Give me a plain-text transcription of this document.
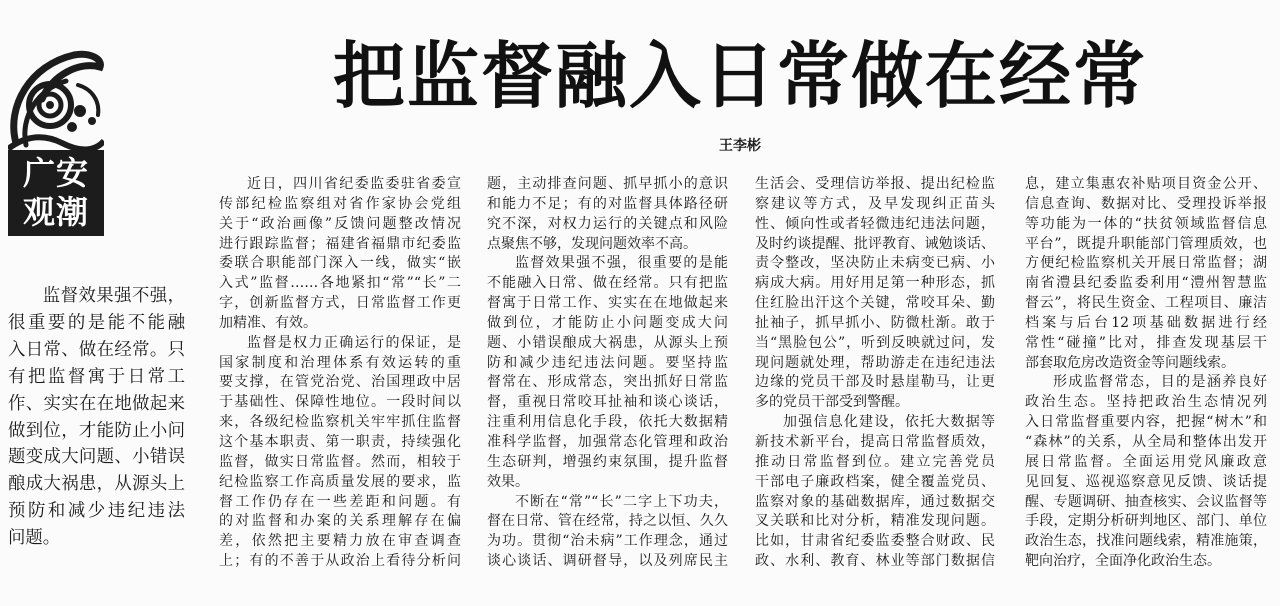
广安
观潮
把监督融入日常做在经常
王李彬
监督效果强不强，
很重要的是能不能融
入日常、做在经常。只
有把监督寓于日常工
作、实实在在地做起来
做到位，才能防止小问
题变成大问题、小错误
酿成大祸患，从源头上
预防和减少违纪违法
问题。
近日，四川省纪委监委驻省委宣
传部纪检监察组对省作家协会党组
关于“政治画像”反馈问题整改情况
进行跟踪监督；福建省福鼎市纪委监
委联合职能部门深入一线，做实“嵌
入式”监督……各地紧扣“常”“长”二
字，创新监督方式，日常监督工作更
加精准、有效。
监督是权力正确运行的保证，是
国家制度和治理体系有效运转的重
要支撑，在管党治党、治国理政中居
于基础性、保障性地位。一段时间以
来，各级纪检监察机关牢牢抓住监督
这个基本职责、第一职责，持续强化
监督，做实日常监督。然而，相较于
纪检监察工作高质量发展的要求，监
督工作仍存在一些差距和问题。有
的对监督和办案的关系理解存在偏
差，依然把主要精力放在审查调查
上；有的不善于从政治上看待分析问
题，主动排查问题、抓早抓小的意识
和能力不足；有的对监督具体路径研
究不深，对权力运行的关键点和风险
点聚焦不够，发现问题效率不高。
监督效果强不强，很重要的是能
不能融入日常、做在经常。只有把监
督寓于日常工作、实实在在地做起来
做到位，才能防止小问题变成大问
题、小错误酿成大祸患，从源头上预
防和减少违纪违法问题。要坚持监
督常在、形成常态，突出抓好日常监
督，重视日常咬耳扯袖和谈心谈话，
注重利用信息化手段，依托大数据精
准科学监督，加强常态化管理和政治
生态研判，增强约束氛围，提升监督
效果。
不断在“常”“长”二字上下功夫，
督在日常、管在经常，持之以恒、久久
为功。贯彻“治未病”工作理念，通过
谈心谈话、调研督导，以及列席民主
生活会、受理信访举报、提出纪检监
察建议等方式，及早发现纠正苗头
性、倾向性或者轻微违纪违法问题，
及时约谈提醒、批评教育、诫勉谈话、
责令整改，坚决防止未病变已病、小
病成大病。用好用足第一种形态，抓
住红脸出汗这个关键，常咬耳朵、勤
扯袖子，抓早抓小、防微杜渐。敢于
当“黑脸包公”，听到反映就过问，发
现问题就处理，帮助游走在违纪违法
边缘的党员干部及时悬崖勒马，让更
多的党员干部受到警醒。
加强信息化建设，依托大数据等
新技术新平台，提高日常监督质效，
推动日常监督到位。建立完善党员
干部电子廉政档案，健全覆盖党员、
监察对象的基础数据库，通过数据交
叉关联和比对分析，精准发现问题。
比如，甘肃省纪委监委整合财政、民
政、水利、教育、林业等部门数据信
息，建立集惠农补贴项目资金公开、
信息查询、数据对比、受理投诉举报
等功能为一体的“扶贫领域监督信息
平台”，既提升职能部门管理质效，也
方便纪检监察机关开展日常监督；湖
南省澧县纪委监委利用“澧州智慧监
督云”，将民生资金、工程项目、廉洁
档案与后台12项基础数据进行经
常性“碰撞”比对，排查发现基层干
部套取危房改造资金等问题线索。
形成监督常态，目的是涵养良好
政治生态。坚持把政治生态情况列
入日常监督重要内容，把握“树木”和
“森林”的关系，从全局和整体出发开
展日常监督。全面运用党风廉政意
见回复、巡视巡察意见反馈、谈话提
醒、专题调研、抽查核实、会议监督等
手段，定期分析研判地区、部门、单位
政治生态，找准问题线索，精准施策，
靶向治疗，全面净化政治生态。
